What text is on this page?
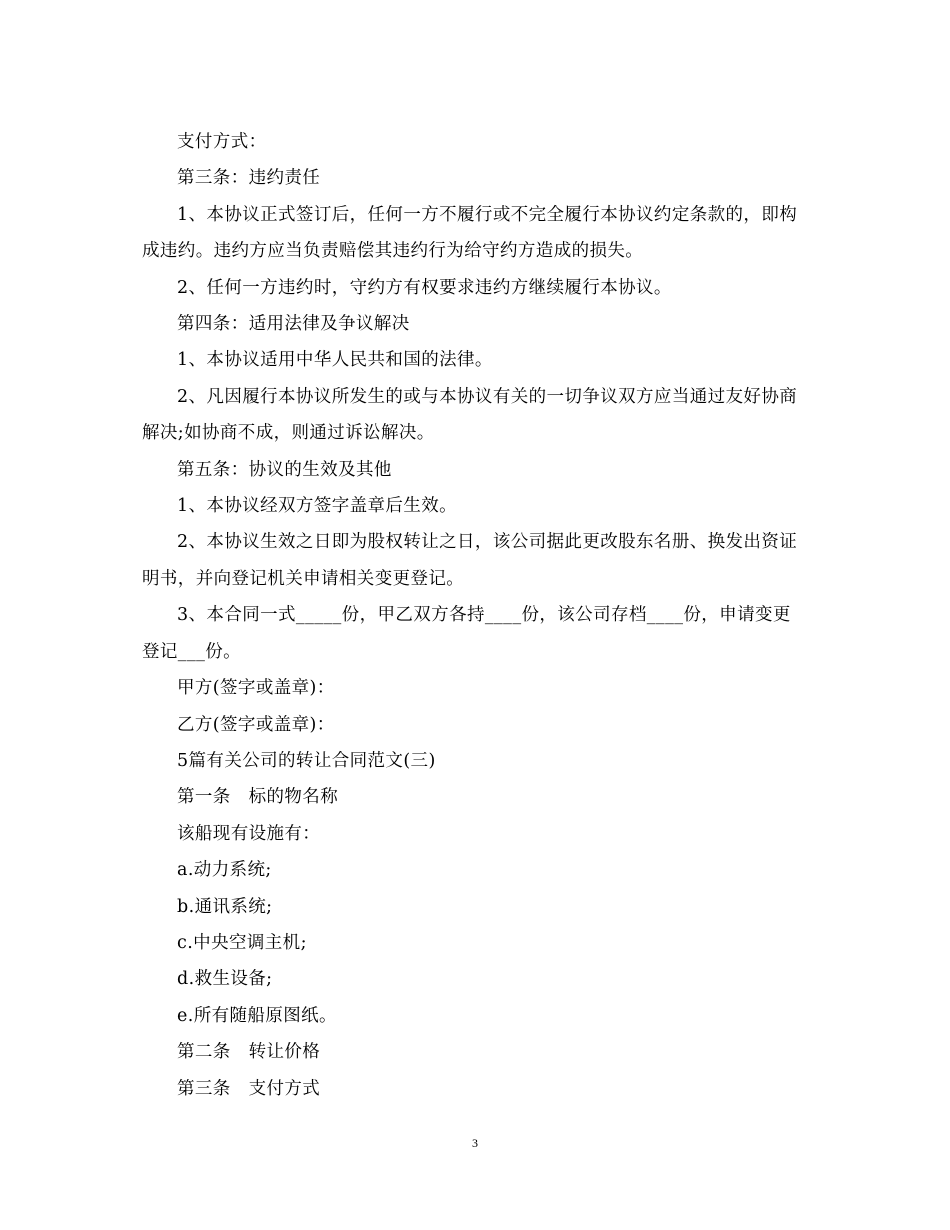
支付方式：

第三条：违约责任

1、本协议正式签订后，任何一方不履行或不完全履行本协议约定条款的，即构成违约。违约方应当负责赔偿其违约行为给守约方造成的损失。

2、任何一方违约时，守约方有权要求违约方继续履行本协议。

第四条：适用法律及争议解决

1、本协议适用中华人民共和国的法律。

2、凡因履行本协议所发生的或与本协议有关的一切争议双方应当通过友好协商解决;如协商不成，则通过诉讼解决。

第五条：协议的生效及其他

1、本协议经双方签字盖章后生效。

2、本协议生效之日即为股权转让之日，该公司据此更改股东名册、换发出资证明书，并向登记机关申请相关变更登记。

3、本合同一式_____份，甲乙双方各持____份，该公司存档____份，申请变更登记___份。

甲方(签字或盖章)：

乙方(签字或盖章)：

5篇有关公司的转让合同范文(三)

第一条　标的物名称

该船现有设施有：

a.动力系统;

b.通讯系统;

c.中央空调主机;

d.救生设备;

e.所有随船原图纸。

第二条　转让价格

第三条　支付方式

3
